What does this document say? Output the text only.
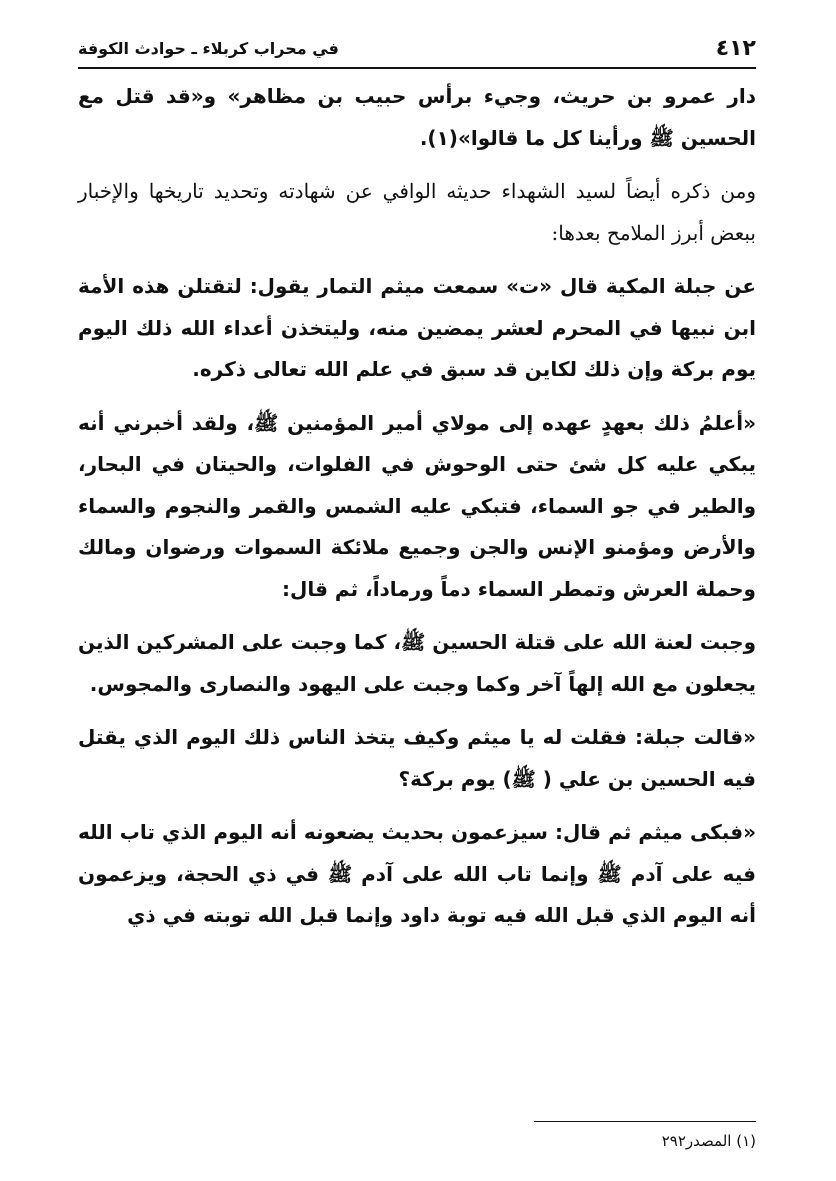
٤١٢
في محراب كربلاء ـ حوادث الكوفة

دار عمرو بن حريث، وجيء برأس حبيب بن مظاهر» و«قد قتل مع الحسين ﷺ ورأينا كل ما قالوا»(١).

ومن ذكره أيضاً لسيد الشهداء حديثه الوافي عن شهادته وتحديد تاريخها والإخبار ببعض أبرز الملامح بعدها:

عن جبلة المكية قال «ت» سمعت ميثم التمار يقول: لتقتلن هذه الأمة ابن نبيها في المحرم لعشر يمضين منه، وليتخذن أعداء الله ذلك اليوم يوم بركة وإن ذلك لكاين قد سبق في علم الله تعالى ذكره.

«أعلمُ ذلك بعهدٍ عهده إلى مولاي أمير المؤمنين ﷺ، ولقد أخبرني أنه يبكي عليه كل شئ حتى الوحوش في الفلوات، والحيتان في البحار، والطير في جو السماء، فتبكي عليه الشمس والقمر والنجوم والسماء والأرض ومؤمنو الإنس والجن وجميع ملائكة السموات ورضوان ومالك وحملة العرش وتمطر السماء دماً ورماداً، ثم قال:

وجبت لعنة الله على قتلة الحسين ﷺ، كما وجبت على المشركين الذين يجعلون مع الله إلهاً آخر وكما وجبت على اليهود والنصارى والمجوس.

«قالت جبلة: فقلت له يا ميثم وكيف يتخذ الناس ذلك اليوم الذي يقتل فيه الحسين بن علي ( ﷺ) يوم بركة؟

«فبكى ميثم ثم قال: سيزعمون بحديث يضعونه أنه اليوم الذي تاب الله فيه على آدم ﷺ وإنما تاب الله على آدم ﷺ في ذي الحجة، ويزعمون أنه اليوم الذي قبل الله فيه توبة داود وإنما قبل الله توبته في ذي

(١) المصدر٢٩٢
